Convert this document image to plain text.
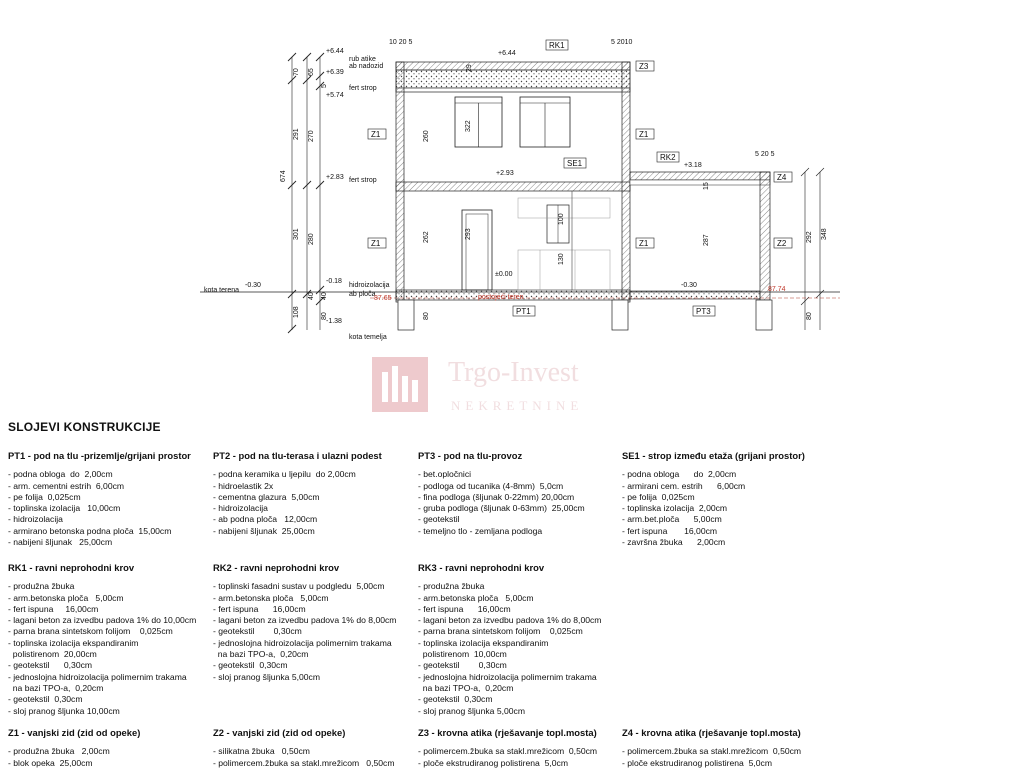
+6.44
rub atike
ab nadozid
+6.39
fert strop
+5.74
+2.83 fert strop
+6.44
+2.93
±0.00
-0.18
hidroizolacija
ab ploča
kota terena
-0.30
-1.38
kota temelja
postojeći teren
87.65
87.74
+3.18
-0.30
10 20 5	5 2010
5 20 5
70
291
301
108
674
65
5
270
280
40 40
80
29
260
322
262	293
100
130
287
15
348
292
80	80
RK1
Z3
Z1	Z1
Z1	Z1
SE1
RK2
Z4
Z2
PT1	PT3
Trgo-Invest
NEKRETNINE
SLOJEVI KONSTRUKCIJE
PT1 - pod na tlu -prizemlje/grijani prostor
- podna obloga  do  2,00cm
- arm. cementni estrih  6,00cm
- pe folija  0,025cm
- toplinska izolacija   10,00cm
- hidroizolacija
- armirano betonska podna ploča  15,00cm
- nabijeni šljunak   25,00cm
PT2 - pod na tlu-terasa i ulazni podest
- podna keramika u ljepilu  do 2,00cm
- hidroelastik 2x
- cementna glazura  5,00cm
- hidroizolacija
- ab podna ploča   12,00cm
- nabijeni šljunak  25,00cm
PT3 - pod na tlu-provoz
- bet.opločnici
- podloga od tucanika (4-8mm)  5,0cm
- fina podloga (šljunak 0-22mm) 20,00cm
- gruba podloga (šljunak 0-63mm)  25,00cm
- geotekstil
- temeljno tlo - zemljana podloga
SE1 - strop između etaža (grijani prostor)
- podna obloga      do  2,00cm
- armirani cem. estrih      6,00cm
- pe folija  0,025cm
- toplinska izolacija  2,00cm
- arm.bet.ploča      5,00cm
- fert ispuna       16,00cm
- završna žbuka      2,00cm
RK1 - ravni neprohodni krov
- produžna žbuka
- arm.betonska ploča   5,00cm
- fert ispuna     16,00cm
- lagani beton za izvedbu padova 1% do 10,00cm
- parna brana sintetskom folijom    0,025cm
- toplinska izolacija ekspandiranim
polistirenom  20,00cm
- geotekstil      0,30cm
- jednoslojna hidroizolacija polimernim trakama
na bazi TPO-a,  0,20cm
- geotekstil  0,30cm
- sloj pranog šljunka 10,00cm
RK2 - ravni neprohodni krov
- toplinski fasadni sustav u podgledu  5,00cm
- arm.betonska ploča   5,00cm
- fert ispuna      16,00cm
- lagani beton za izvedbu padova 1% do 8,00cm
- geotekstil        0,30cm
- jednoslojna hidroizolacija polimernim trakama
na bazi TPO-a,  0,20cm
- geotekstil  0,30cm
- sloj pranog šljunka 5,00cm
RK3 - ravni neprohodni krov
- produžna žbuka
- arm.betonska ploča   5,00cm
- fert ispuna      16,00cm
- lagani beton za izvedbu padova 1% do 8,00cm
- parna brana sintetskom folijom    0,025cm
- toplinska izolacija ekspandiranim
polistirenom  10,00cm
- geotekstil        0,30cm
- jednoslojna hidroizolacija polimernim trakama
na bazi TPO-a,  0,20cm
- geotekstil  0,30cm
- sloj pranog šljunka 5,00cm
Z1 - vanjski zid (zid od opeke)
- produžna žbuka   2,00cm
- blok opeka  25,00cm
Z2 - vanjski zid (zid od opeke)
- silikatna žbuka   0,50cm
- polimercem.žbuka sa stakl.mrežicom   0,50cm
Z3 - krovna atika (rješavanje topl.mosta)
- polimercem.žbuka sa stakl.mrežicom  0,50cm
- ploče ekstrudiranog polistirena  5,0cm
Z4 - krovna atika (rješavanje topl.mosta)
- polimercem.žbuka sa stakl.mrežicom  0,50cm
- ploče ekstrudiranog polistirena  5,0cm
